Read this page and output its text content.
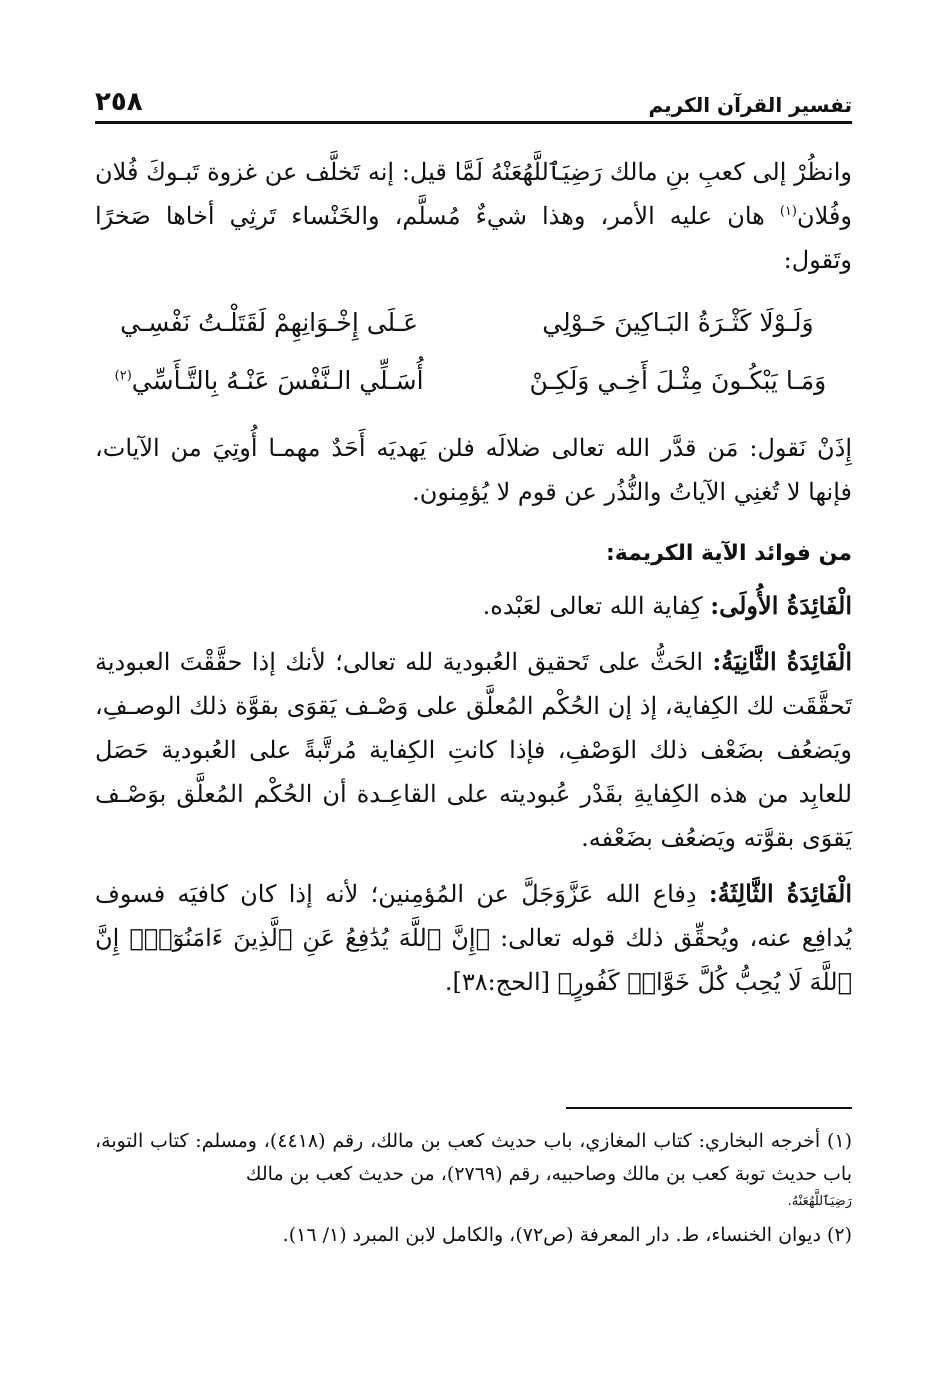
٢٥٨	تفسير القرآن الكريم

وانظُرْ إلى كعبِ بنِ مالك رَضِيَٱللَّهُعَنْهُ لَمَّا قيل: إنه تَخلَّف عن غزوة تَبـوكَ فُلان وفُلان$^{(١)}$ هان عليه الأمر، وهذا شيءٌ مُسلَّم، والخَنْساء تَرثِي أخاها صَخرًا وتَقول:

وَلَـوْلَا كَثْـرَةُ البَـاكِينَ حَـوْلِي
عَـلَى إِخْـوَانِهِمْ لَقَتَلْـتُ نَفْسِـي
وَمَـا يَبْكُـونَ مِثْـلَ أَخِـي وَلَكِـنْ
أُسَـلِّي الـنَّفْسَ عَنْـهُ بِالتَّـأَسِّي$^{(٢)}$

إِذَنْ نَقول: مَن قدَّر الله تعالى ضلالَه فلن يَهديَه أَحَدٌ مهمـا أُوتِيَ من الآيات، فإنها لا تُغنِي الآياتُ والنُّذُر عن قوم لا يُؤمِنون.

من فوائد الآية الكريمة:

الْفَائِدَةُ الأُولَى: كِفاية الله تعالى لعَبْده.

الْفَائِدَةُ الثَّانِيَةُ: الحَثُّ على تَحقيق العُبودية لله تعالى؛ لأنك إذا حقَّقْتَ العبودية تَحقَّقَت لك الكِفاية، إذ إن الحُكْم المُعلَّق على وَصْـف يَقوَى بقوَّة ذلك الوصـفِ، ويَضعُف بضَعْف ذلك الوَصْفِ، فإذا كانتِ الكِفاية مُرتَّبةً على العُبودية حَصَل للعابِد من هذه الكِفايةِ بقَدْر عُبوديته على القاعِـدة أن الحُكْم المُعلَّق بوَصْـف يَقوَى بقوَّته ويَضعُف بضَعْفه.

الْفَائِدَةُ الثَّالِثَةُ: دِفاع الله عَزَّوَجَلَّ عن المُؤمِنين؛ لأنه إذا كان كافيَه فسوف يُدافِع عنه، ويُحقِّق ذلك قوله تعالى: ﴿إِنَّ ٱللَّهَ يُدَٰفِعُ عَنِ ٱلَّذِينَ ءَامَنُوٓاْۗ إِنَّ ٱللَّهَ لَا يُحِبُّ كُلَّ خَوَّانٖ كَفُورٍ﴾ [الحج:٣٨].

(١) أخرجه البخاري: كتاب المغازي، باب حديث كعب بن مالك، رقم (٤٤١٨)، ومسلم: كتاب التوبة، باب حديث توبة كعب بن مالك وصاحبيه، رقم (٢٧٦٩)، من حديث كعب بن مالك
رَضِيَٱللَّهُعَنْهُ.

(٢) ديوان الخنساء، ط. دار المعرفة (ص٧٢)، والكامل لابن المبرد (١/ ١٦).
